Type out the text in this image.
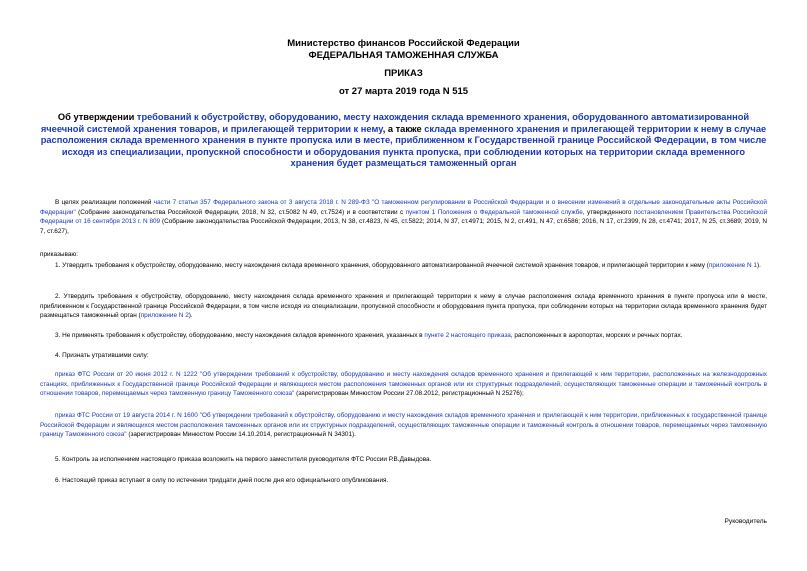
Министерство финансов Российской Федерации
ФЕДЕРАЛЬНАЯ ТАМОЖЕННАЯ СЛУЖБА
ПРИКАЗ
от 27 марта 2019 года N 515
Об утверждении требований к обустройству, оборудованию, месту нахождения склада временного хранения, оборудованного автоматизированной ячеечной системой хранения товаров, и прилегающей территории к нему, а также склада временного хранения и прилегающей территории к нему в случае расположения склада временного хранения в пункте пропуска или в месте, приближенном к Государственной границе Российской Федерации, в том числе исходя из специализации, пропускной способности и оборудования пункта пропуска, при соблюдении которых на территории склада временного хранения будет размещаться таможенный орган
В целях реализации положений части 7 статьи 357 Федерального закона от 3 августа 2018 г. N 289-ФЗ "О таможенном регулировании в Российской Федерации и о внесении изменений в отдельные законодательные акты Российской Федерации" (Собрание законодательства Российской Федерации, 2018, N 32, ст.5082 N 49, ст.7524) и в соответствии с пунктом 1 Положения о Федеральной таможенной службе, утвержденного постановлением Правительства Российской Федерации от 16 сентября 2013 г. N 809 (Собрание законодательства Российской Федерации, 2013, N 38, ст.4823, N 45, ст.5822; 2014, N 37, ст.4971; 2015, N 2, ст.491, N 47, ст.6586; 2016, N 17, ст.2399, N 28, ст.4741; 2017, N 25, ст.3689; 2019, N 7, ст.627),
приказываю:
1. Утвердить требования к обустройству, оборудованию, месту нахождения склада временного хранения, оборудованного автоматизированной ячеечной системой хранения товаров, и прилегающей территории к нему (приложение N 1).
2. Утвердить требования к обустройству, оборудованию, месту нахождения склада временного хранения и прилегающей территории к нему в случае расположения склада временного хранения в пункте пропуска или в месте, приближенном к Государственной границе Российской Федерации, в том числе исходя из специализации, пропускной способности и оборудования пункта пропуска, при соблюдении которых на территории склада временного хранения будет размещаться таможенный орган (приложение N 2).
3. Не применять требования к обустройству, оборудованию, месту нахождения складов временного хранения, указанных в пункте 2 настоящего приказа, расположенных в аэропортах, морских и речных портах.
4. Признать утратившими силу:
приказ ФТС России от 20 июня 2012 г. N 1222 "Об утверждении требований к обустройству, оборудованию и месту нахождения складов временного хранения и прилегающей к ним территории, расположенных на железнодорожных станциях, приближенных к Государственной границе Российской Федерации и являющихся местом расположения таможенных органов или их структурных подразделений, осуществляющих таможенные операции и таможенный контроль в отношении товаров, перемещаемых через таможенную границу Таможенного союза" (зарегистрирован Минюстом России 27.08.2012, регистрационный N 25276);
приказ ФТС России от 19 августа 2014 г. N 1600 "Об утверждении требований к обустройству, оборудованию и месту нахождения складов временного хранения и прилегающей к ним территории, приближенных к государственной границе Российской Федерации и являющихся местом расположения таможенных органов или их структурных подразделений, осуществляющих таможенные операции и таможенный контроль в отношении товаров, перемещаемых через таможенную границу Таможенного союза" (зарегистрирован Минюстом России 14.10.2014, регистрационный N 34301).
5. Контроль за исполнением настоящего приказа возложить на первого заместителя руководителя ФТС России Р.В.Давыдова.
6. Настоящий приказ вступает в силу по истечении тридцати дней после дня его официального опубликования.
Руководитель
